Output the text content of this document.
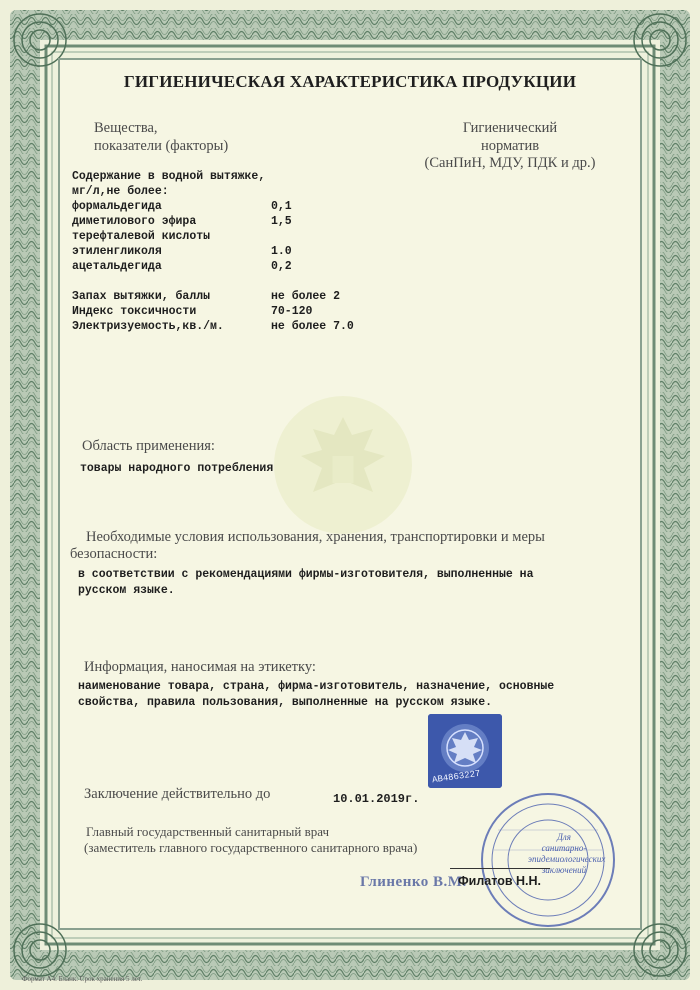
ГИГИЕНИЧЕСКАЯ ХАРАКТЕРИСТИКА ПРОДУКЦИИ
Вещества,
показатели (факторы)
Гигиенический
норматив
(СанПиН, МДУ, ПДК и др.)
Содержание в водной вытяжке,
мг/л,не более:
формальдегида	0,1
диметилового эфира	1,5
терефталевой кислоты
этиленгликоля	1.0
ацетальдегида	0,2
Запах вытяжки, баллы	не более 2
Индекс токсичности	70-120
Электризуемость,кв./м.	не более 7.0
Область применения:
товары народного потребления
Необходимые условия использования, хранения, транспортировки и меры
безопасности:
в соответствии с рекомендациями фирмы-изготовителя, выполненные на
русском языке.
Информация, наносимая на этикетку:
наименование товара, страна, фирма-изготовитель, назначение, основные
свойства, правила пользования, выполненные на русском языке.
AB4863227
Заключение действительно до	10.01.2019г.
Главный государственный санитарный врач
(заместитель главного государственного санитарного врача)
Для
санитарно-
эпидемиологических
заключений
Глиненко В.М.
Филатов Н.Н.
Формат А4. Бланк. Срок хранения 5 лет.
